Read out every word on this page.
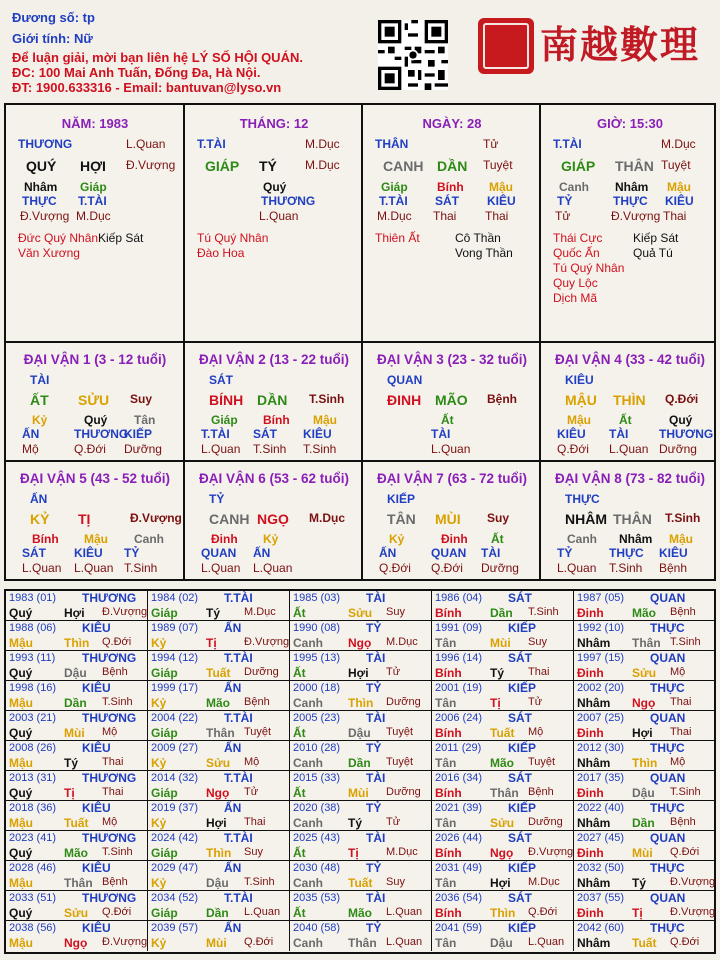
Đương số: tp
Giới tính: Nữ
Để luận giải, mời bạn liên hệ LÝ SỐ HỘI QUÁN.
ĐC: 100 Mai Anh Tuấn, Đống Đa, Hà Nội.
ĐT: 1900.633316 - Email: bantuvan@lyso.vn
南越數理
NĂM: 1983
THƯƠNG	L.Quan
QUÝ HỢI Đ.Vượng
Nhâm
THỰC
Đ.Vượng
Giáp
T.TÀI
M.Dục
Đức Quý Nhân
Văn Xương
Kiếp Sát
THÁNG: 12
T.TÀI	M.Dục
GIÁP TÝ M.Dục
Quý
THƯƠNG
L.Quan
Tú Quý Nhân
Đào Hoa
NGÀY: 28
THÂN	Tử
CANH DẦN Tuyệt
Giáp
T.TÀI
M.Dục
Bính
SÁT
Thai
Mậu
KIÊU
Thai
Thiên Ất	Cô Thần
Vong Thần
GIỜ: 15:30
T.TÀI	M.Dục
GIÁP THÂN Tuyệt
Canh
TỶ
Tử
Nhâm
THỰC
Đ.Vượng
Mậu
KIÊU
Thai
Thái Cực
Quốc Ấn
Tú Quý Nhân
Quy Lộc
Dịch Mã
Kiếp Sát
Quả Tú
ĐẠI VẬN 1 (3 - 12 tuổi)
TÀI
ẤT SỬU Suy
Kỷ
ẤN
Mộ
Quý
THƯƠNG
Q.Đới
Tân
KIẾP
Dưỡng
ĐẠI VẬN 2 (13 - 22 tuổi)
SÁT
BÍNH DẦN T.Sinh
Giáp
T.TÀI
L.Quan
Bính
SÁT
T.Sinh
Mậu
KIÊU
T.Sinh
ĐẠI VẬN 3 (23 - 32 tuổi)
QUAN
ĐINH MÃO Bệnh
Ất
TÀI
L.Quan
ĐẠI VẬN 4 (33 - 42 tuổi)
KIÊU
MẬU THÌN Q.Đới
Mậu
KIÊU
Q.Đới
Ất
TÀI
L.Quan
Quý
THƯƠNG
Dưỡng
ĐẠI VẬN 5 (43 - 52 tuổi)
ẤN
KỶ TỊ	Đ.Vượng
Bính
SÁT
L.Quan
Mậu
KIÊU
L.Quan
Canh
TỶ
T.Sinh
ĐẠI VẬN 6 (53 - 62 tuổi)
TỶ
CANH NGỌ M.Dục
Đinh
QUAN
L.Quan
Kỷ
ẤN
L.Quan
ĐẠI VẬN 7 (63 - 72 tuổi)
KIẾP
TÂN MÙI Suy
Kỷ
ẤN
Q.Đới
Đinh
QUAN
Q.Đới
Ất
TÀI
Dưỡng
ĐẠI VẬN 8 (73 - 82 tuổi)
THỰC
NHÂM THÂN T.Sinh
Canh
TỶ
L.Quan
Nhâm
THỰC
T.Sinh
Mậu
KIÊU
Bệnh
1983 (01) THƯƠNG
Quý	Hợi Đ.Vượng
1984 (02) T.TÀI
Giáp Tý M.Dục
1985 (03) TÀI
Ất	Sửu Suy
1986 (04) SÁT
Bính Dần T.Sinh
1987 (05) QUAN
Đinh Mão Bệnh
1988 (06) KIÊU
Mậu	Thìn Q.Đới
1989 (07) ẤN
Kỷ	Tị Đ.Vượng
1990 (08) TỶ
Canh Ngọ M.Dục
1991 (09) KIẾP
Tân	Mùi Suy
1992 (10) THỰC
Nhâm Thân T.Sinh
1993 (11) THƯƠNG
Quý	Dậu Bệnh
1994 (12) T.TÀI
Giáp Tuất Dưỡng
1995 (13) TÀI
Ất	Hợi Tử
1996 (14) SÁT
Bính Tý Thai
1997 (15) QUAN
Đinh Sửu Mộ
1998 (16) KIÊU
Mậu	Dần T.Sinh
1999 (17) ẤN
Kỷ	Mão Bệnh
2000 (18) TỶ
Canh Thìn Dưỡng
2001 (19) KIẾP
Tân	Tị Tử
2002 (20) THỰC
Nhâm Ngọ Thai
2003 (21) THƯƠNG
Quý	Mùi Mộ
2004 (22) T.TÀI
Giáp Thân Tuyệt
2005 (23) TÀI
Ất	Dậu Tuyệt
2006 (24) SÁT
Bính Tuất Mộ
2007 (25) QUAN
Đinh Hợi Thai
2008 (26) KIÊU
Mậu	Tý Thai
2009 (27) ẤN
Kỷ	Sửu Mộ
2010 (28) TỶ
Canh Dần Tuyệt
2011 (29) KIẾP
Tân	Mão Tuyệt
2012 (30) THỰC
Nhâm Thìn Mộ
2013 (31) THƯƠNG
Quý	Tị Thai
2014 (32) T.TÀI
Giáp Ngọ Tử
2015 (33) TÀI
Ất	Mùi Dưỡng
2016 (34) SÁT
Bính Thân Bệnh
2017 (35) QUAN
Đinh Dậu T.Sinh
2018 (36) KIÊU
Mậu	Tuất Mộ
2019 (37) ẤN
Kỷ	Hợi Thai
2020 (38) TỶ
Canh Tý Tử
2021 (39) KIẾP
Tân	Sửu Dưỡng
2022 (40) THỰC
Nhâm Dần Bệnh
2023 (41) THƯƠNG
Quý	Mão T.Sinh
2024 (42) T.TÀI
Giáp Thìn Suy
2025 (43) TÀI
Ất	Tị M.Dục
2026 (44) SÁT
Bính Ngọ Đ.Vượng
2027 (45) QUAN
Đinh Mùi Q.Đới
2028 (46) KIÊU
Mậu	Thân Bệnh
2029 (47) ẤN
Kỷ	Dậu T.Sinh
2030 (48) TỶ
Canh Tuất Suy
2031 (49) KIẾP
Tân	Hợi M.Dục
2032 (50) THỰC
Nhâm Tý Đ.Vượng
2033 (51) THƯƠNG
Quý	Sửu Q.Đới
2034 (52) T.TÀI
Giáp Dần L.Quan
2035 (53) TÀI
Ất	Mão L.Quan
2036 (54) SÁT
Bính Thìn Q.Đới
2037 (55) QUAN
Đinh Tị Đ.Vượng
2038 (56) KIÊU
Mậu	Ngọ Đ.Vượng
2039 (57) ẤN
Kỷ	Mùi Q.Đới
2040 (58) TỶ
Canh Thân L.Quan
2041 (59) KIẾP
Tân	Dậu L.Quan
2042 (60) THỰC
Nhâm Tuất Q.Đới
